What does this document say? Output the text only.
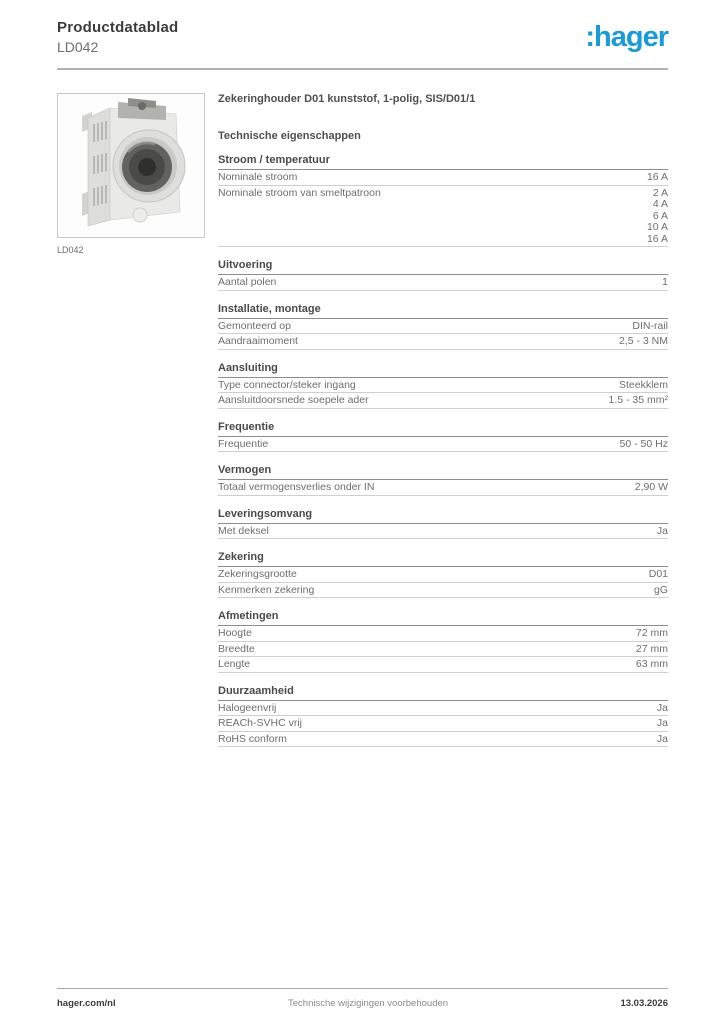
Productdatablad
LD042	:hager
LD042
Zekeringhouder D01 kunststof, 1-polig, SIS/D01/1
Technische eigenschappen
Stroom / temperatuur
Nominale stroom	16 A
Nominale stroom van smeltpatroon	2 A
4 A
6 A
10 A
16 A
Uitvoering
Aantal polen	1
Installatie, montage
Gemonteerd op	DIN-rail
Aandraaimoment	2,5 - 3 NM
Aansluiting
Type connector/steker ingang	Steekklem
Aansluitdoorsnede soepele ader	1.5 - 35 mm²
Frequentie
Frequentie	50 - 50 Hz
Vermogen
Totaal vermogensverlies onder IN	2,90 W
Leveringsomvang
Met deksel	Ja
Zekering
Zekeringsgrootte	D01
Kenmerken zekering	gG
Afmetingen
Hoogte	72 mm
Breedte	27 mm
Lengte	63 mm
Duurzaamheid
Halogeenvrij	Ja
REACh-SVHC vrij	Ja
RoHS conform	Ja
hager.com/nl	Technische wijzigingen voorbehouden	13.03.2026
